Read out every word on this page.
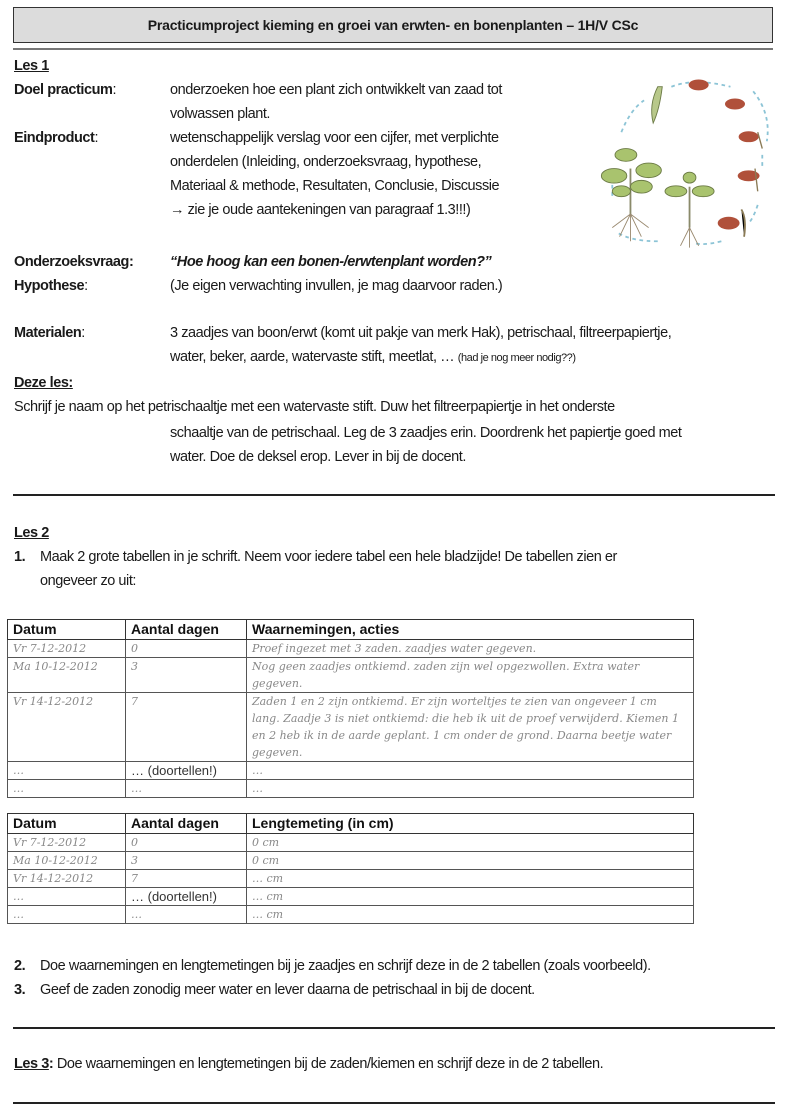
Practicumproject kieming en groei van erwten- en bonenplanten – 1H/V CSc
Les 1
Doel practicum:	onderzoeken hoe een plant zich ontwikkelt van zaad tot
volwassen plant.
Eindproduct:	wetenschappelijk verslag voor een cijfer, met verplichte
onderdelen (Inleiding, onderzoeksvraag, hypothese,
Materiaal & methode, Resultaten, Conclusie, Discussie
→ zie je oude aantekeningen van paragraaf 1.3!!!)
Onderzoeksvraag:	“Hoe hoog kan een bonen-/erwtenplant worden?”
Hypothese:	(Je eigen verwachting invullen, je mag daarvoor raden.)
Materialen:	3 zaadjes van boon/erwt (komt uit pakje van merk Hak), petrischaal, filtreerpapiertje,
water, beker, aarde, watervaste stift, meetlat, … (had je nog meer nodig??)
Deze les:
Schrijf je naam op het petrischaaltje met een watervaste stift. Duw het filtreerpapiertje in het onderste
schaaltje van de petrischaal. Leg de 3 zaadjes erin. Doordrenk het papiertje goed met
water. Doe de deksel erop. Lever in bij de docent.
Les 2
1. Maak 2 grote tabellen in je schrift. Neem voor iedere tabel een hele bladzijde! De tabellen zien er
ongeveer zo uit:
Datum	Aantal dagen	Waarnemingen, acties
Vr 7-12-2012	0	Proef ingezet met 3 zaden. zaadjes water gegeven.
Ma 10-12-2012	3	Nog geen zaadjes ontkiemd. zaden zijn wel opgezwollen. Extra water gegeven.
Vr 14-12-2012	7	Zaden 1 en 2 zijn ontkiemd. Er zijn worteltjes te zien van ongeveer 1 cm lang. Zaadje 3 is niet ontkiemd: die heb ik uit de proef verwijderd. Kiemen 1 en 2 heb ik in de aarde geplant. 1 cm onder de grond. Daarna beetje water gegeven.
…	… (doortellen!)	…
…	…	…
Datum	Aantal dagen	Lengtemeting (in cm)
Vr 7-12-2012	0	0 cm
Ma 10-12-2012	3	0 cm
Vr 14-12-2012	7	… cm
…	… (doortellen!)	… cm
…	…	… cm
2. Doe waarnemingen en lengtemetingen bij je zaadjes en schrijf deze in de 2 tabellen (zoals voorbeeld).
3. Geef de zaden zonodig meer water en lever daarna de petrischaal in bij de docent.
Les 3: Doe waarnemingen en lengtemetingen bij de zaden/kiemen en schrijf deze in de 2 tabellen.
